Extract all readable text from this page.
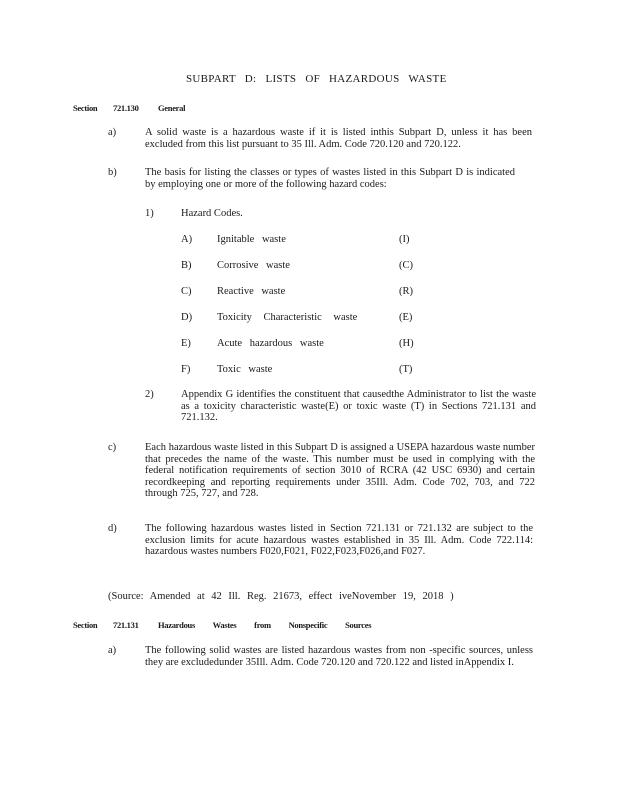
SUBPART D: LISTS OF HAZARDOUS WASTE
Section 721.130 General
a)	A solid waste is a hazardous waste if it is listed inthis Subpart D, unless it has been excluded from this list pursuant to 35 Ill. Adm. Code 720.120 and 720.122.
b)	The basis for listing the classes or types of wastes listed in this Subpart D is indicated by employing one or more of the following hazard codes:
1)	Hazard Codes.
A) Ignitable waste	(I)
B) Corrosive waste	(C)
C) Reactive waste	(R)
D) Toxicity Characteristic waste	(E)
E) Acute hazardous waste	(H)
F)	Toxic waste	(T)
2)	Appendix G identifies the constituent that causedthe Administrator to list the waste as a toxicity characteristic waste(E) or toxic waste (T) in Sections 721.131 and 721.132.
c)	Each hazardous waste listed in this Subpart D is assigned a USEPA hazardous waste number that precedes the name of the waste. This number must be used in complying with the federal notification requirements of section 3010 of RCRA (42 USC 6930) and certain recordkeeping and reporting requirements under 35Ill. Adm. Code 702, 703, and 722 through 725, 727, and 728.
d)	The following hazardous wastes listed in Section 721.131 or 721.132 are subject to the exclusion limits for acute hazardous wastes established in 35 Ill. Adm. Code 722.114: hazardous wastes numbers F020,F021, F022,F023,F026,and F027.
(Source: Amended at 42 Ill. Reg. 21673, effect iveNovember 19, 2018 )
Section 721.131 Hazardous Wastes from Nonspecific Sources
a)	The following solid wastes are listed hazardous wastes from non -specific sources, unless they are excludedunder 35Ill. Adm. Code 720.120 and 720.122 and listed inAppendix I.
